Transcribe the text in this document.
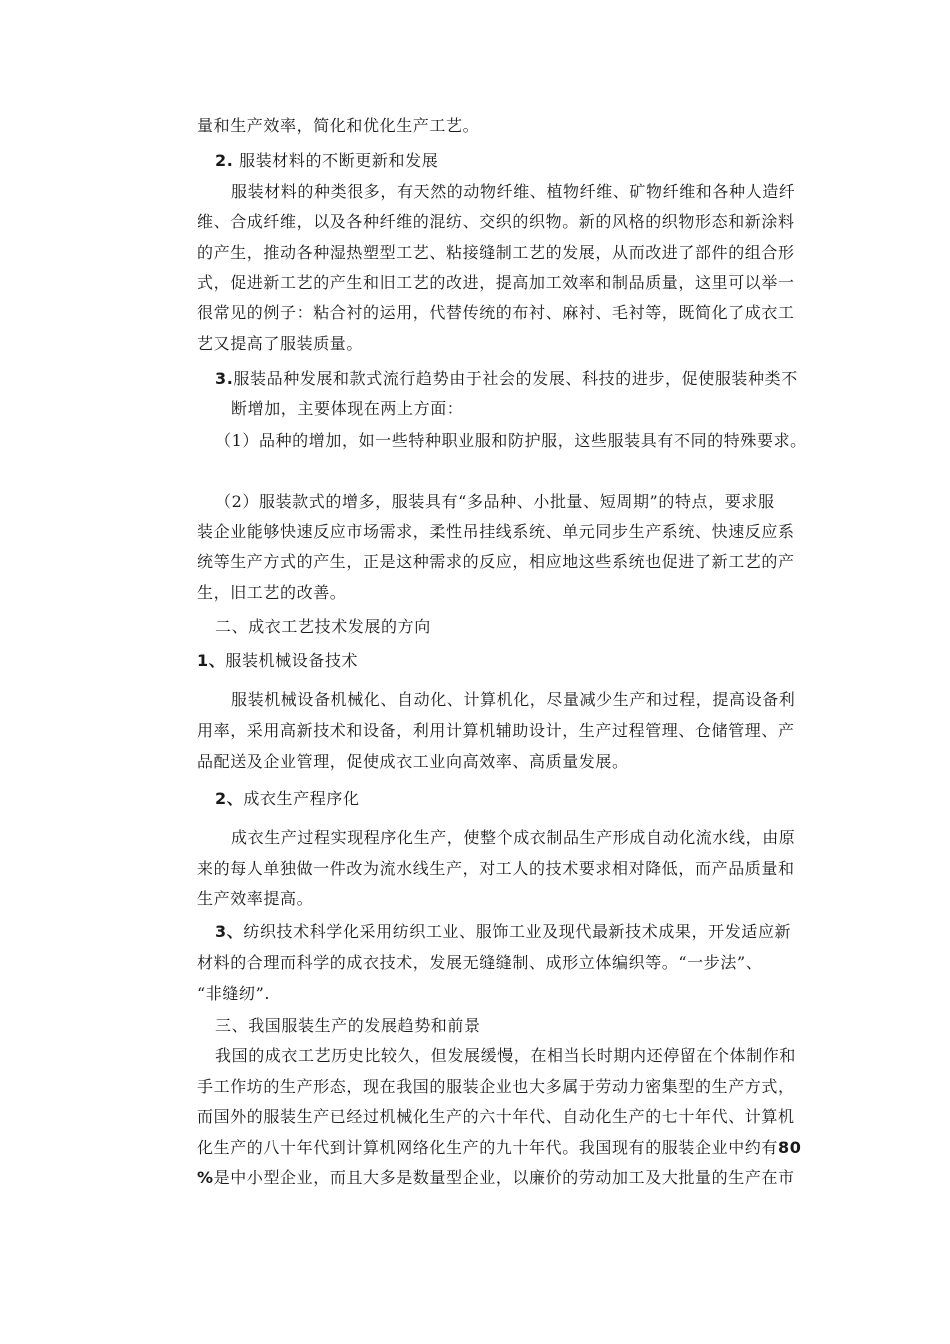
量和生产效率，简化和优化生产工艺。
2. 服装材料的不断更新和发展
服装材料的种类很多，有天然的动物纤维、植物纤维、矿物纤维和各种人造纤
维、合成纤维，以及各种纤维的混纺、交织的织物。新的风格的织物形态和新涂料
的产生，推动各种湿热塑型工艺、粘接缝制工艺的发展，从而改进了部件的组合形
式，促进新工艺的产生和旧工艺的改进，提高加工效率和制品质量，这里可以举一
很常见的例子：粘合衬的运用，代替传统的布衬、麻衬、毛衬等，既简化了成衣工
艺又提高了服装质量。
3.服装品种发展和款式流行趋势由于社会的发展、科技的进步，促使服装种类不
断增加，主要体现在两上方面：
（1）品种的增加，如一些特种职业服和防护服，这些服装具有不同的特殊要求。
（2）服装款式的增多，服装具有“多品种、小批量、短周期”的特点，要求服
装企业能够快速反应市场需求，柔性吊挂线系统、单元同步生产系统、快速反应系
统等生产方式的产生，正是这种需求的反应，相应地这些系统也促进了新工艺的产
生，旧工艺的改善。
二、成衣工艺技术发展的方向
1、服装机械设备技术
服装机械设备机械化、自动化、计算机化，尽量减少生产和过程，提高设备利
用率，采用高新技术和设备，利用计算机辅助设计，生产过程管理、仓储管理、产
品配送及企业管理，促使成衣工业向高效率、高质量发展。
2、成衣生产程序化
成衣生产过程实现程序化生产，使整个成衣制品生产形成自动化流水线，由原
来的每人单独做一件改为流水线生产，对工人的技术要求相对降低，而产品质量和
生产效率提高。
3、纺织技术科学化采用纺织工业、服饰工业及现代最新技术成果，开发适应新
材料的合理而科学的成衣技术，发展无缝缝制、成形立体编织等。“一步法”、
“非缝纫”.
三、我国服装生产的发展趋势和前景
我国的成衣工艺历史比较久，但发展缓慢，在相当长时期内还停留在个体制作和
手工作坊的生产形态，现在我国的服装企业也大多属于劳动力密集型的生产方式，
而国外的服装生产已经过机械化生产的六十年代、自动化生产的七十年代、计算机
化生产的八十年代到计算机网络化生产的九十年代。我国现有的服装企业中约有80
%是中小型企业，而且大多是数量型企业，以廉价的劳动加工及大批量的生产在市
